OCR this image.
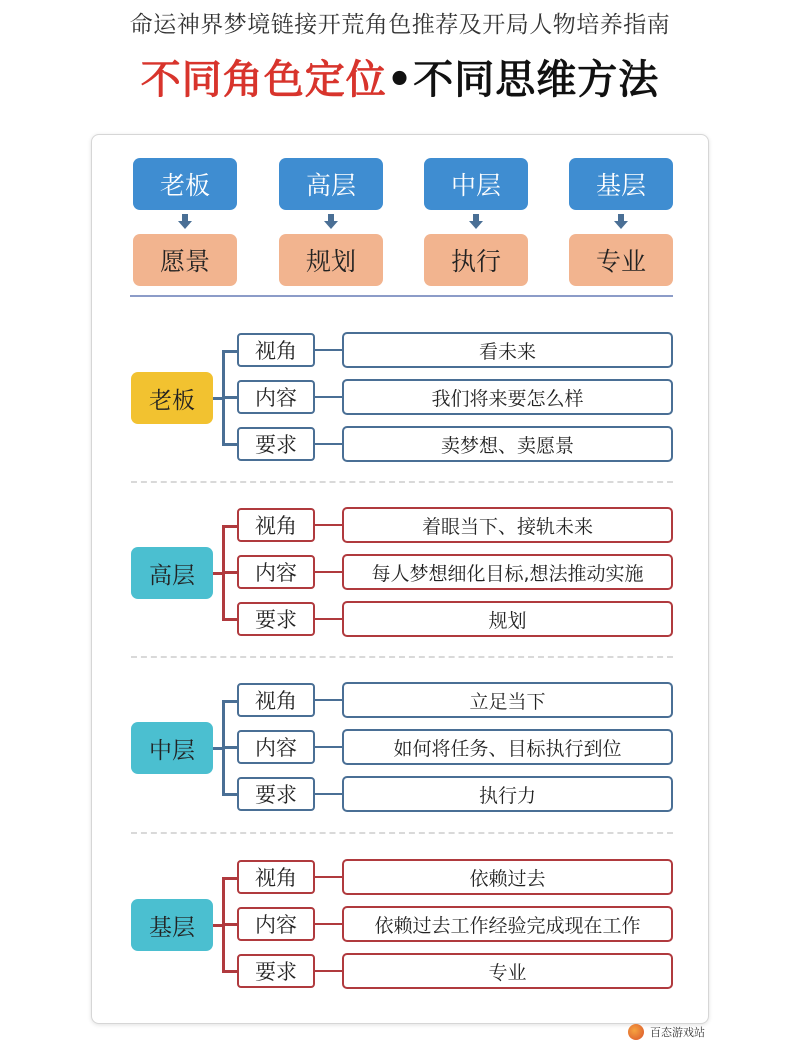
命运神界梦境链接开荒角色推荐及开局人物培养指南
不同角色定位•不同思维方法
老板
愿景
高层
规划
中层
执行
基层
专业
老板
视角	看未来
内容	我们将来要怎么样
要求	卖梦想、卖愿景
高层
视角	着眼当下、接轨未来
内容	每人梦想细化目标,想法推动实施
要求	规划
中层
视角	立足当下
内容	如何将任务、目标执行到位
要求	执行力
基层
视角	依赖过去
内容	依赖过去工作经验完成现在工作
要求	专业
百态游戏站
